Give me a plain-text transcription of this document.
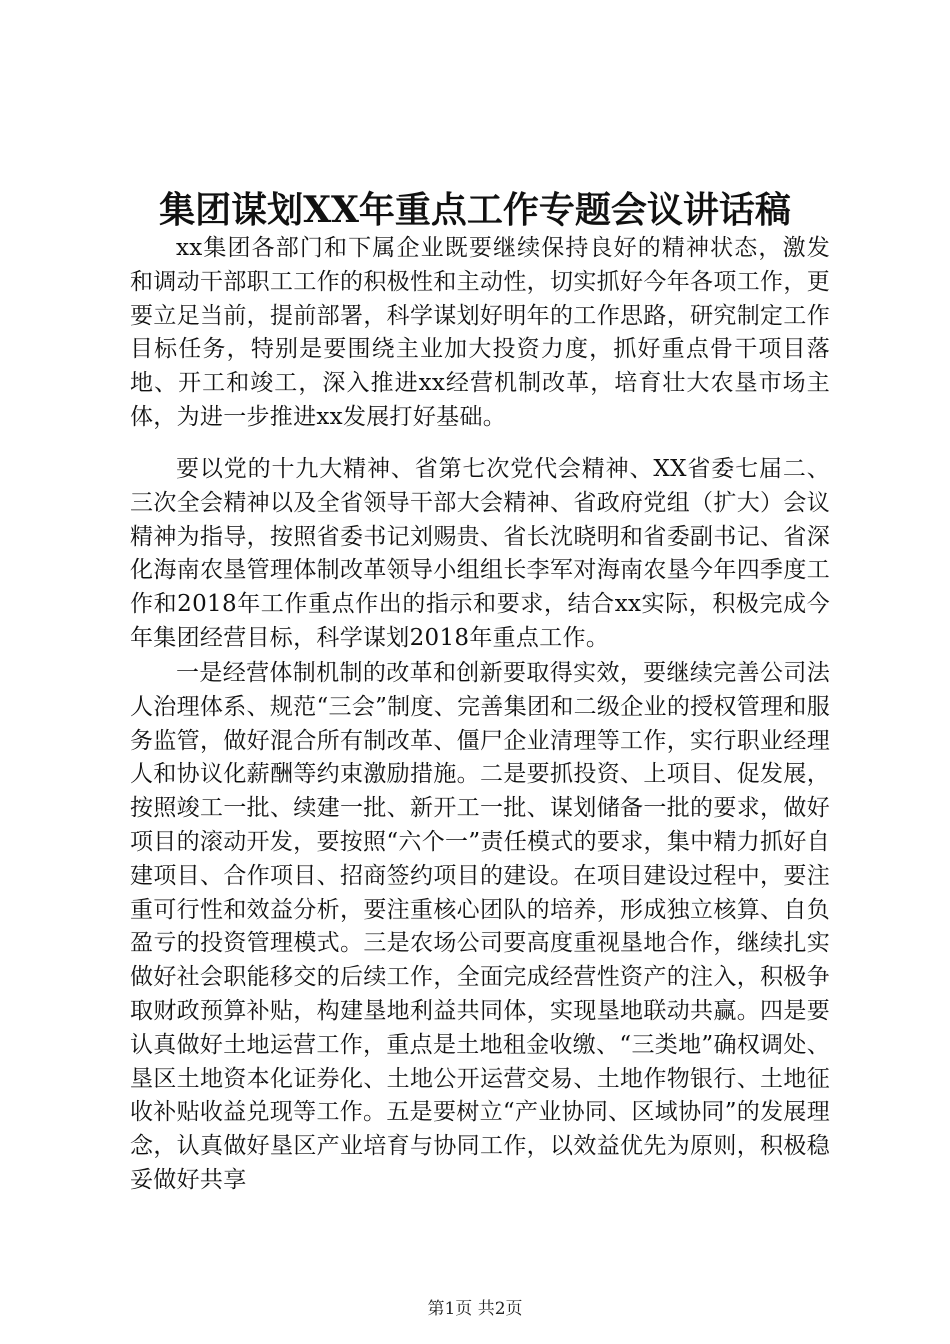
集团谋划XX年重点工作专题会议讲话稿

xx集团各部门和下属企业既要继续保持良好的精神状态，激发和调动干部职工工作的积极性和主动性，切实抓好今年各项工作，更要立足当前，提前部署，科学谋划好明年的工作思路，研究制定工作目标任务，特别是要围绕主业加大投资力度，抓好重点骨干项目落地、开工和竣工，深入推进xx经营机制改革，培育壮大农垦市场主体，为进一步推进xx发展打好基础。

要以党的十九大精神、省第七次党代会精神、XX省委七届二、三次全会精神以及全省领导干部大会精神、省政府党组（扩大）会议精神为指导，按照省委书记刘赐贵、省长沈晓明和省委副书记、省深化海南农垦管理体制改革领导小组组长李军对海南农垦今年四季度工作和2018年工作重点作出的指示和要求，结合xx实际，积极完成今年集团经营目标，科学谋划2018年重点工作。

一是经营体制机制的改革和创新要取得实效，要继续完善公司法人治理体系、规范“三会”制度、完善集团和二级企业的授权管理和服务监管，做好混合所有制改革、僵尸企业清理等工作，实行职业经理人和协议化薪酬等约束激励措施。二是要抓投资、上项目、促发展，按照竣工一批、续建一批、新开工一批、谋划储备一批的要求，做好项目的滚动开发，要按照“六个一”责任模式的要求，集中精力抓好自建项目、合作项目、招商签约项目的建设。在项目建设过程中，要注重可行性和效益分析，要注重核心团队的培养，形成独立核算、自负盈亏的投资管理模式。三是农场公司要高度重视垦地合作，继续扎实做好社会职能移交的后续工作，全面完成经营性资产的注入，积极争取财政预算补贴，构建垦地利益共同体，实现垦地联动共赢。四是要认真做好土地运营工作，重点是土地租金收缴、“三类地”确权调处、垦区土地资本化证券化、土地公开运营交易、土地作物银行、土地征收补贴收益兑现等工作。五是要树立“产业协同、区域协同”的发展理念，认真做好垦区产业培育与协同工作，以效益优先为原则，积极稳妥做好共享

第1页 共2页
